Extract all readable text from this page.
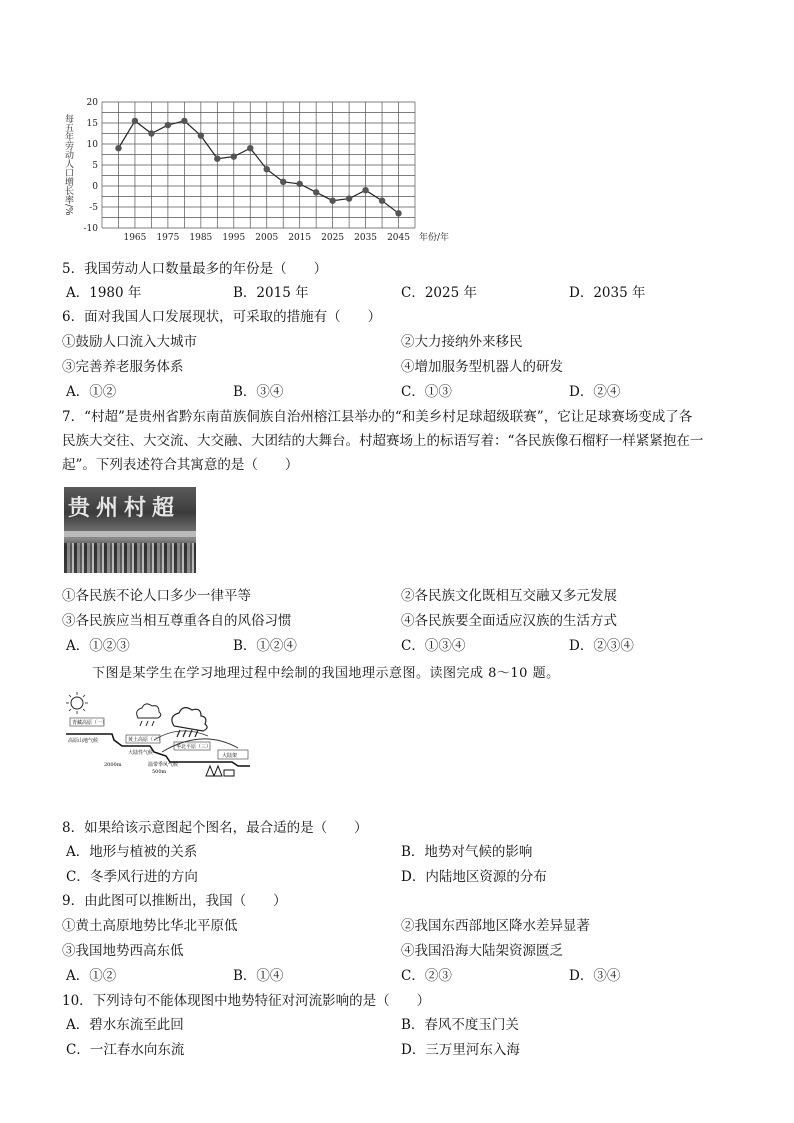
20
15
10
5
0
-5
-10
1965 1975 1985 1995 2005 2015 2025 2035 2045
每五年劳动人口增长率/%
年份/年
5．我国劳动人口数量最多的年份是（　　）
A．1980 年	B．2015 年	C．2025 年	D．2035 年
6．面对我国人口发展现状，可采取的措施有（　　）
①鼓励人口流入大城市	②大力接纳外来移民
③完善养老服务体系	④增加服务型机器人的研发
A．①②	B．③④	C．①③	D．②④
7．“村超”是贵州省黔东南苗族侗族自治州榕江县举办的“和美乡村足球超级联赛”，它让足球赛场变成了各
民族大交往、大交流、大交融、大团结的大舞台。村超赛场上的标语写着：“各民族像石榴籽一样紧紧抱在一
起”。下列表述符合其寓意的是（　　）
贵州村超
①各民族不论人口多少一律平等	②各民族文化既相互交融又多元发展
③各民族应当相互尊重各自的风俗习惯	④各民族要全面适应汉族的生活方式
A．①②③	B．①②④	C．①③④	D．②③④
下图是某学生在学习地理过程中绘制的我国地理示意图。读图完成 8～10 题。
青藏高原（一）
高原山地气候	黄土高原（二）
大陆性气候
华北平原（三）
大陆架
2000m	温带季风气候
500m
8．如果给该示意图起个图名，最合适的是（　　）
A．地形与植被的关系	B．地势对气候的影响
C．冬季风行进的方向	D．内陆地区资源的分布
9．由此图可以推断出，我国（　　）
①黄土高原地势比华北平原低	②我国东西部地区降水差异显著
③我国地势西高东低	④我国沿海大陆架资源匮乏
A．①②	B．①④	C．②③	D．③④
10．下列诗句不能体现图中地势特征对河流影响的是（　　）
A．碧水东流至此回	B．春风不度玉门关
C．一江春水向东流	D．三万里河东入海
